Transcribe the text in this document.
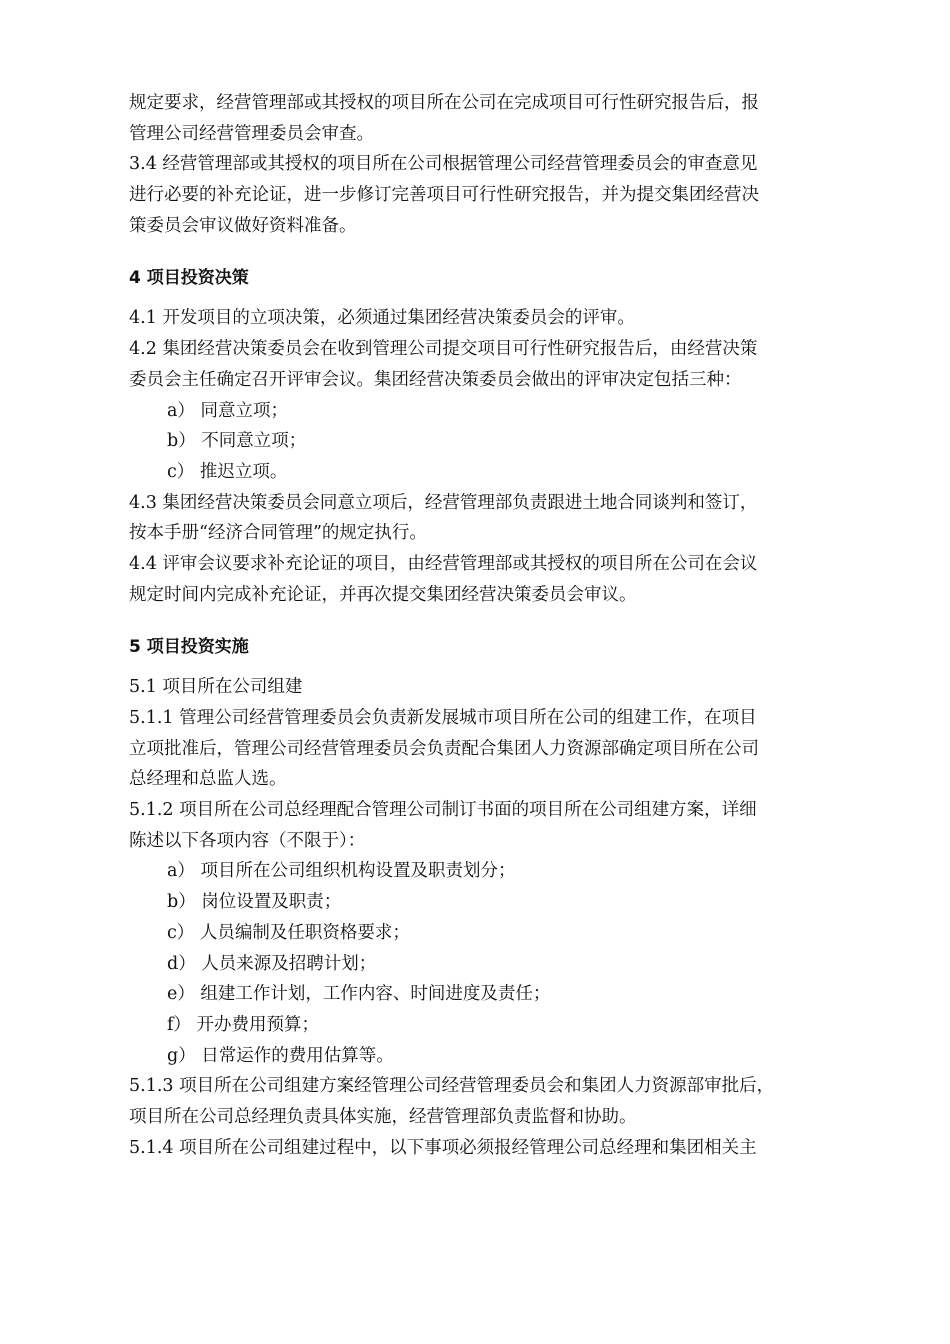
规定要求，经营管理部或其授权的项目所在公司在完成项目可行性研究报告后，报
管理公司经营管理委员会审查。
3.4 经营管理部或其授权的项目所在公司根据管理公司经营管理委员会的审查意见
进行必要的补充论证，进一步修订完善项目可行性研究报告，并为提交集团经营决
策委员会审议做好资料准备。
4 项目投资决策
4.1 开发项目的立项决策，必须通过集团经营决策委员会的评审。
4.2 集团经营决策委员会在收到管理公司提交项目可行性研究报告后，由经营决策
委员会主任确定召开评审会议。集团经营决策委员会做出的评审决定包括三种：
a） 同意立项；
b） 不同意立项；
c） 推迟立项。
4.3 集团经营决策委员会同意立项后，经营管理部负责跟进土地合同谈判和签订，
按本手册“经济合同管理”的规定执行。
4.4 评审会议要求补充论证的项目，由经营管理部或其授权的项目所在公司在会议
规定时间内完成补充论证，并再次提交集团经营决策委员会审议。
5 项目投资实施
5.1 项目所在公司组建
5.1.1 管理公司经营管理委员会负责新发展城市项目所在公司的组建工作，在项目
立项批准后，管理公司经营管理委员会负责配合集团人力资源部确定项目所在公司
总经理和总监人选。
5.1.2 项目所在公司总经理配合管理公司制订书面的项目所在公司组建方案，详细
陈述以下各项内容（不限于）：
a） 项目所在公司组织机构设置及职责划分；
b） 岗位设置及职责；
c） 人员编制及任职资格要求；
d） 人员来源及招聘计划；
e） 组建工作计划，工作内容、时间进度及责任；
f） 开办费用预算；
g） 日常运作的费用估算等。
5.1.3 项目所在公司组建方案经管理公司经营管理委员会和集团人力资源部审批后，
项目所在公司总经理负责具体实施，经营管理部负责监督和协助。
5.1.4 项目所在公司组建过程中，以下事项必须报经管理公司总经理和集团相关主
